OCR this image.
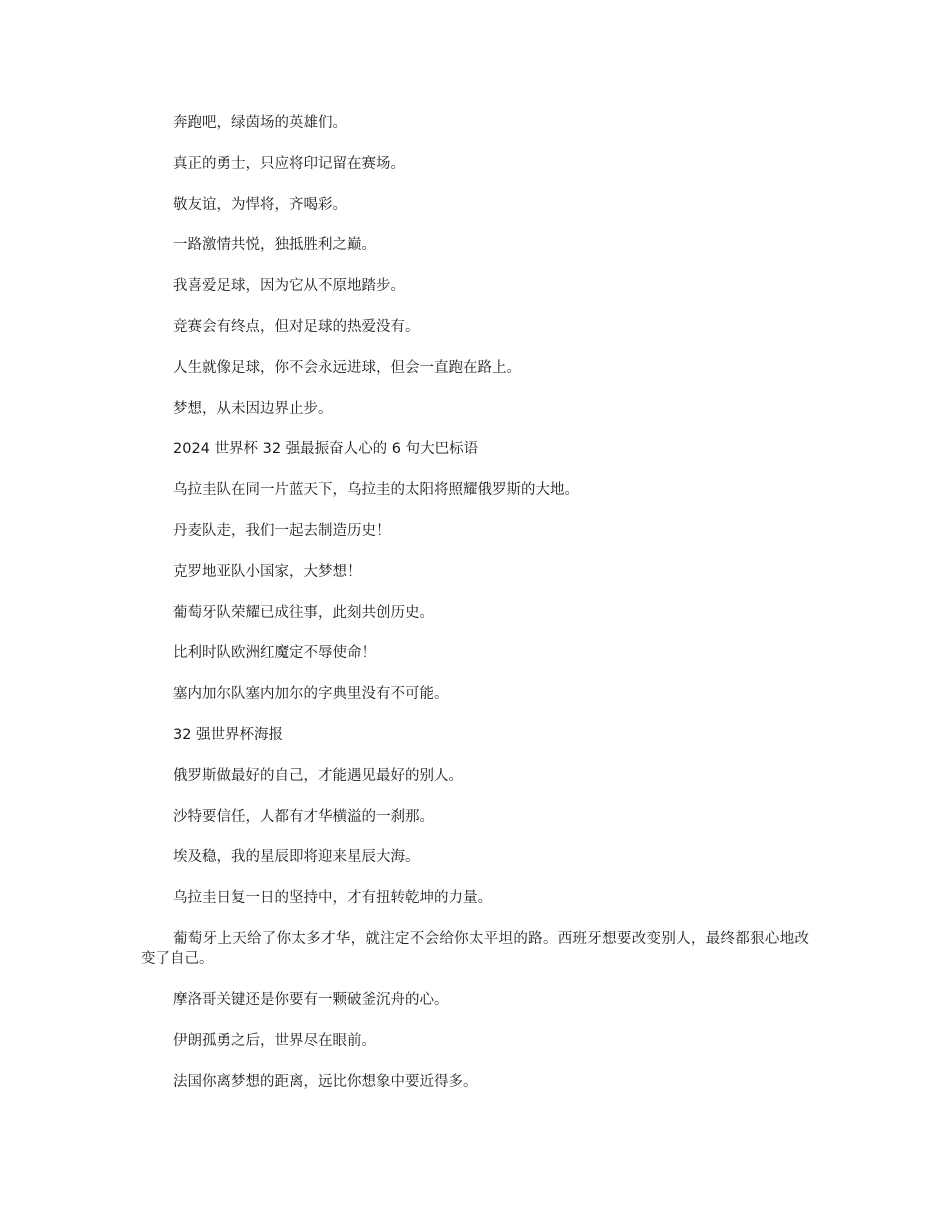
奔跑吧，绿茵场的英雄们。

真正的勇士，只应将印记留在赛场。

敬友谊，为悍将，齐喝彩。

一路激情共悦，独抵胜利之巅。

我喜爱足球，因为它从不原地踏步。

竞赛会有终点，但对足球的热爱没有。

人生就像足球，你不会永远进球，但会一直跑在路上。

梦想，从未因边界止步。

2024 世界杯 32 强最振奋人心的 6 句大巴标语

乌拉圭队在同一片蓝天下，乌拉圭的太阳将照耀俄罗斯的大地。

丹麦队走，我们一起去制造历史！

克罗地亚队小国家，大梦想！

葡萄牙队荣耀已成往事，此刻共创历史。

比利时队欧洲红魔定不辱使命！

塞内加尔队塞内加尔的字典里没有不可能。

32 强世界杯海报

俄罗斯做最好的自己，才能遇见最好的别人。

沙特要信任，人都有才华横溢的一刹那。

埃及稳，我的星辰即将迎来星辰大海。

乌拉圭日复一日的坚持中，才有扭转乾坤的力量。

葡萄牙上天给了你太多才华，就注定不会给你太平坦的路。西班牙想要改变别人，最终都狠心地改变了自己。

摩洛哥关键还是你要有一颗破釜沉舟的心。

伊朗孤勇之后，世界尽在眼前。

法国你离梦想的距离，远比你想象中要近得多。
